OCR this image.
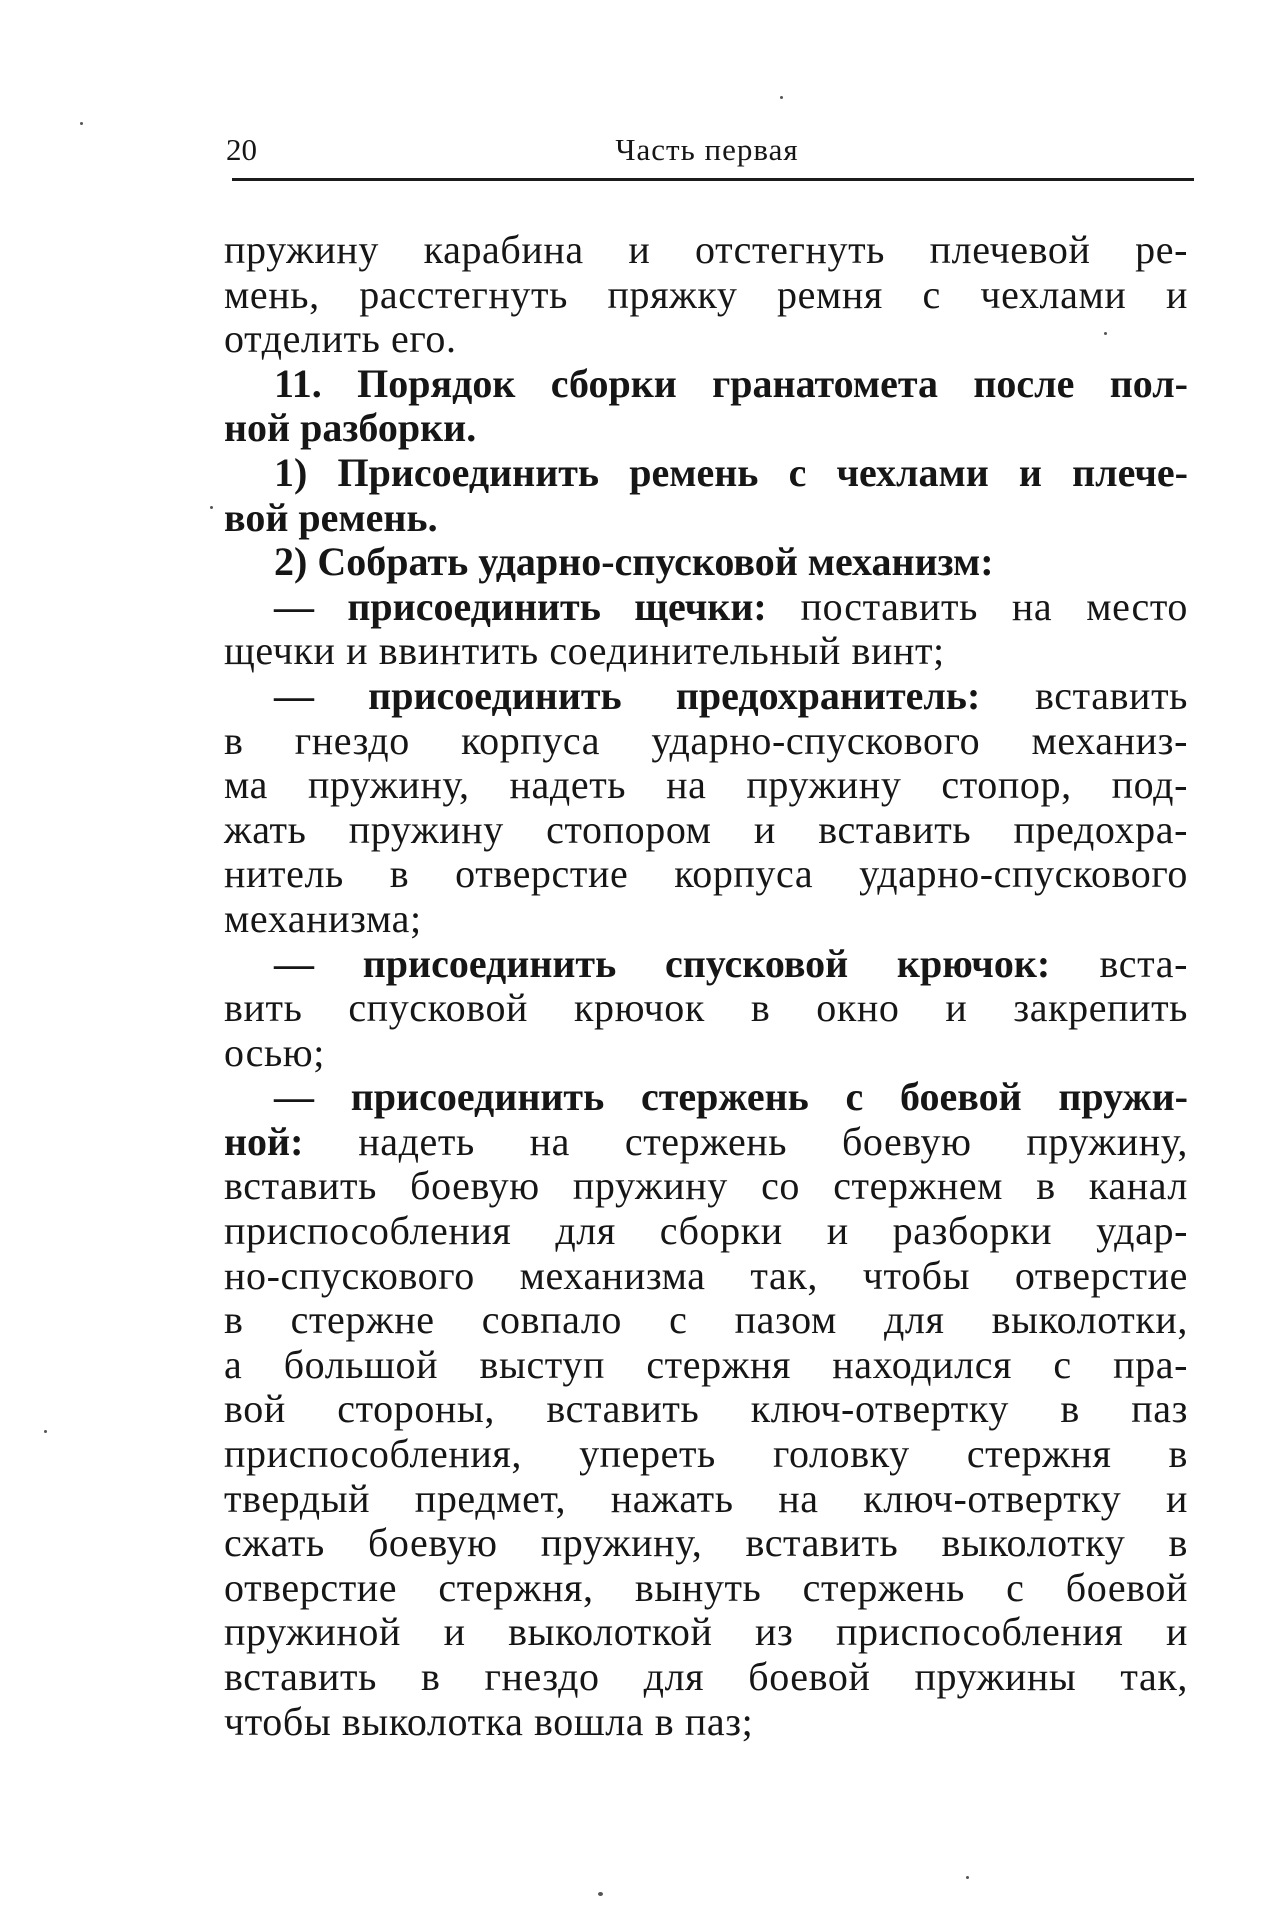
20	Часть первая
пружину карабина и отстегнуть плечевой ре-
мень, расстегнуть пряжку ремня с чехлами и
отделить его.
11. Порядок сборки гранатомета после пол-
ной разборки.
1) Присоединить ремень с чехлами и плече-
вой ремень.
2) Собрать ударно-спусковой механизм:
— присоединить щечки: поставить на место
щечки и ввинтить соединительный винт;
— присоединить предохранитель: вставить
в гнездо корпуса ударно-спускового механиз-
ма пружину, надеть на пружину стопор, под-
жать пружину стопором и вставить предохра-
нитель в отверстие корпуса ударно-спускового
механизма;
— присоединить спусковой крючок: вста-
вить спусковой крючок в окно и закрепить
осью;
— присоединить стержень с боевой пружи-
ной: надеть на стержень боевую пружину,
вставить боевую пружину со стержнем в канал
приспособления для сборки и разборки удар-
но-спускового механизма так, чтобы отверстие
в стержне совпало с пазом для выколотки,
а большой выступ стержня находился с пра-
вой стороны, вставить ключ-отвертку в паз
приспособления, упереть головку стержня в
твердый предмет, нажать на ключ-отвертку и
сжать боевую пружину, вставить выколотку в
отверстие стержня, вынуть стержень с боевой
пружиной и выколоткой из приспособления и
вставить в гнездо для боевой пружины так,
чтобы выколотка вошла в паз;
